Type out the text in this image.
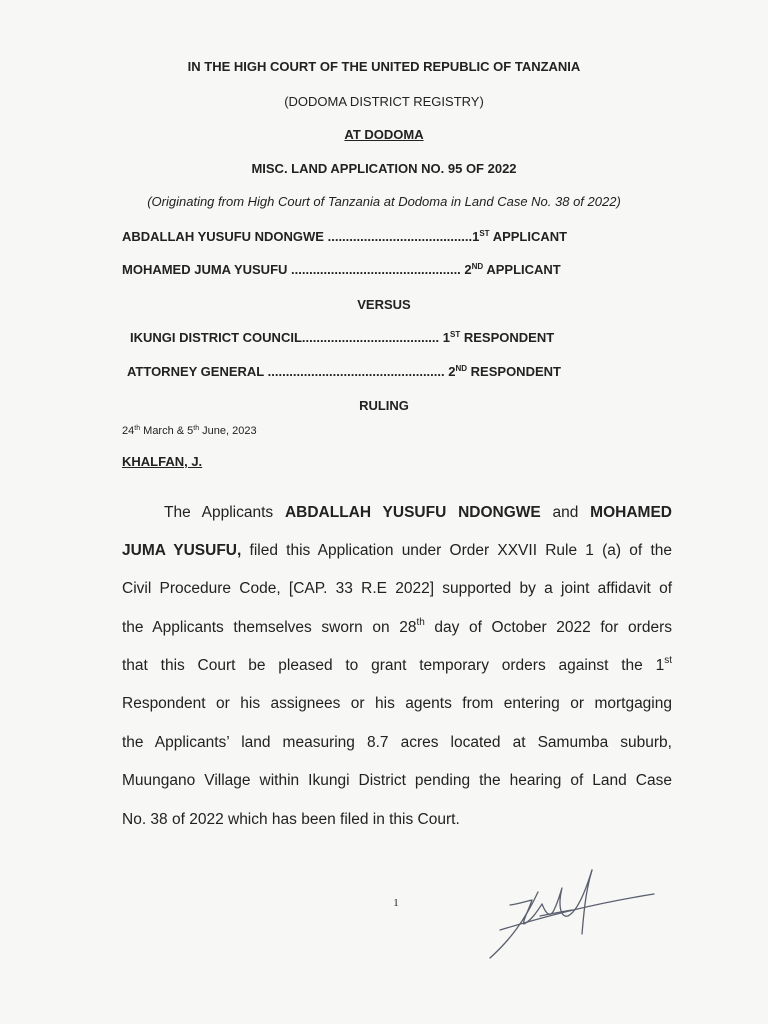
IN THE HIGH COURT OF THE UNITED REPUBLIC OF TANZANIA
(DODOMA DISTRICT REGISTRY)
AT DODOMA
MISC. LAND APPLICATION NO. 95 OF 2022
(Originating from High Court of Tanzania at Dodoma in Land Case No. 38 of 2022)
ABDALLAH YUSUFU NDONGWE ........................................1ST APPLICANT
MOHAMED JUMA YUSUFU ............................................... 2ND APPLICANT
VERSUS
IKUNGI DISTRICT COUNCIL...................................... 1ST RESPONDENT
ATTORNEY GENERAL ................................................. 2ND RESPONDENT
RULING
24th March & 5th June, 2023
KHALFAN, J.
The Applicants ABDALLAH YUSUFU NDONGWE and MOHAMED
JUMA YUSUFU, filed this Application under Order XXVII Rule 1 (a) of the
Civil Procedure Code, [CAP. 33 R.E 2022] supported by a joint affidavit of
the Applicants themselves sworn on 28th day of October 2022 for orders
that this Court be pleased to grant temporary orders against the 1st
Respondent or his assignees or his agents from entering or mortgaging
the Applicants’ land measuring 8.7 acres located at Samumba suburb,
Muungano Village within Ikungi District pending the hearing of Land Case
No. 38 of 2022 which has been filed in this Court.
1
